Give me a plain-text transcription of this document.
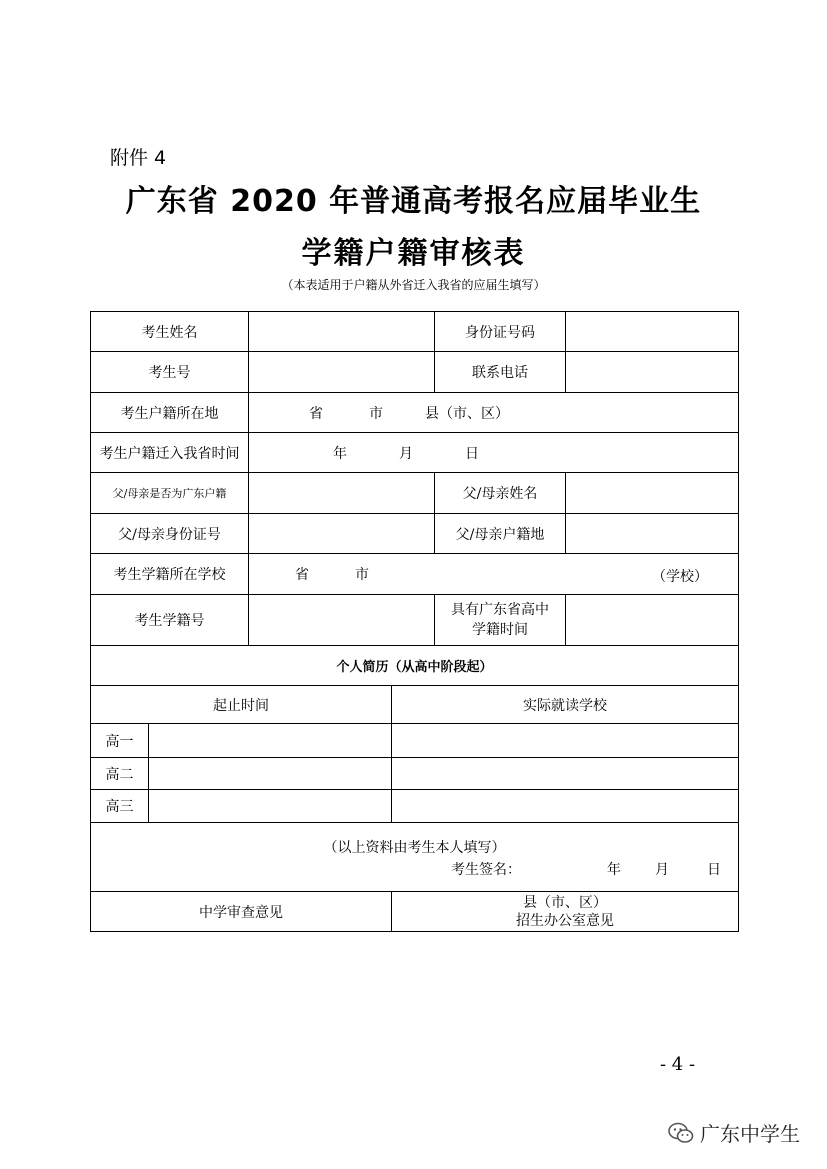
附件 4
广东省 2020 年普通高考报名应届毕业生
学籍户籍审核表
（本表适用于户籍从外省迁入我省的应届生填写）
考生姓名				身份证号码	
考生号				联系电话	
考生户籍所在地		省 市 县（市、区）			
考生户籍迁入我省时间		年 月 日			
父/母亲是否为广东户籍				父/母亲姓名	
父/母亲身份证号				父/母亲户籍地	
考生学籍所在学校		省 市 （学校）			

考生学籍号				具有广东省高中
学籍时间	

个人简历（从高中阶段起）					
起止时间			实际就读学校		
高一					
高二					
高三					

（以上资料由考生本人填写）
考生签名： 年 月 日					

中学审查意见			县（市、区）
招生办公室意见		
- 4 -
广东中学生
